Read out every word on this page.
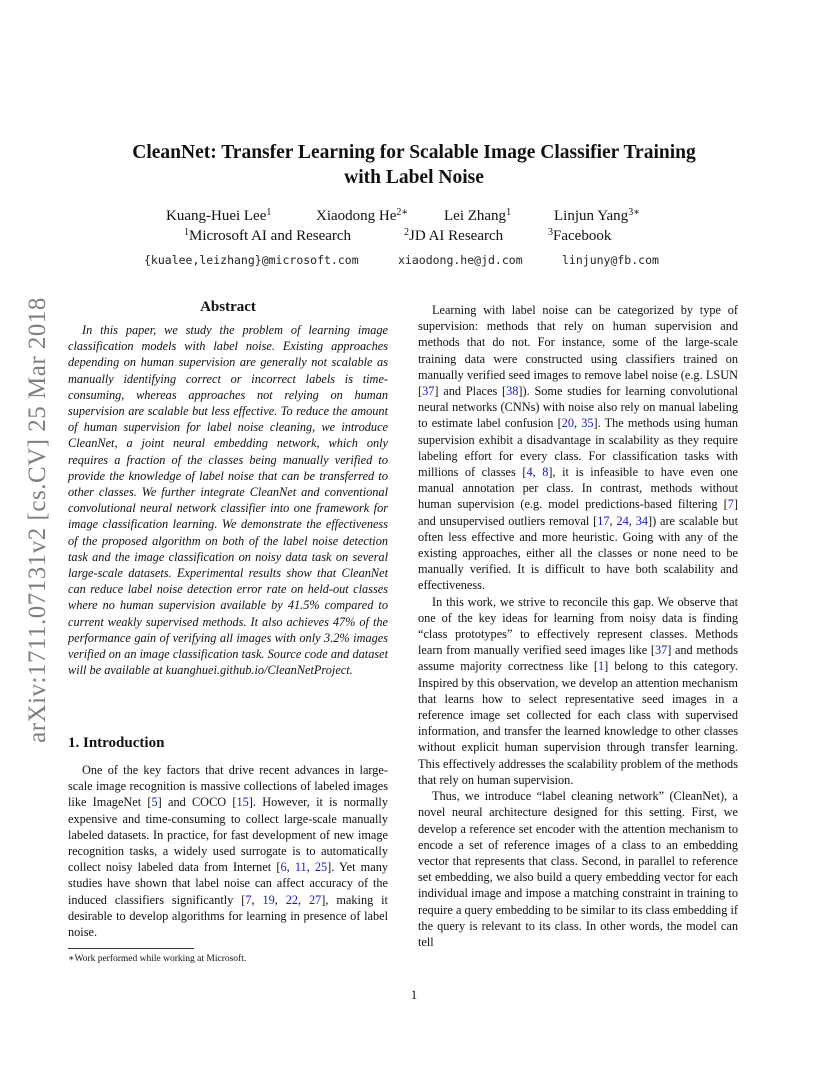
arXiv:1711.07131v2 [cs.CV] 25 Mar 2018
CleanNet: Transfer Learning for Scalable Image Classifier Training
with Label Noise
Kuang-Huei Lee$^1$	Xiaodong $He^{2∗}$ Lei Zhang$^1$	Linjun Yang$^{3∗}$
$^1$Microsoft AI and Research	$^2$JD AI Research	$^3$Facebook
{kualee,leizhang}@microsoft.com	xiaodong.he@jd.com	linjuny@fb.com
Abstract

In this paper, we study the problem of learning image classification models with label noise. Existing approaches depending on human supervision are generally not scalable as manually identifying correct or incorrect labels is time-consuming, whereas approaches not relying on human supervision are scalable but less effective. To reduce the amount of human supervision for label noise cleaning, we introduce CleanNet, a joint neural embedding network, which only requires a fraction of the classes being manually verified to provide the knowledge of label noise that can be transferred to other classes. We further integrate CleanNet and conventional convolutional neural network classifier into one framework for image classification learning. We demonstrate the effectiveness of the proposed algorithm on both of the label noise detection task and the image classification on noisy data task on several large-scale datasets. Experimental results show that CleanNet can reduce label noise detection error rate on held-out classes where no human supervision available by 41.5% compared to current weakly supervised methods. It also achieves 47% of the performance gain of verifying all images with only 3.2% images verified on an image classification task. Source code and dataset will be available at kuanghuei.github.io/CleanNetProject.

1. Introduction

One of the key factors that drive recent advances in large-scale image recognition is massive collections of labeled images like ImageNet [5] and COCO [15]. However, it is normally expensive and time-consuming to collect large-scale manually labeled datasets. In practice, for fast development of new image recognition tasks, a widely used surrogate is to automatically collect noisy labeled data from Internet [6, 11, 25]. Yet many studies have shown that label noise can affect accuracy of the induced classifiers significantly [7, 19, 22, 27], making it desirable to develop algorithms for learning in presence of label noise.

∗Work performed while working at Microsoft.

Learning with label noise can be categorized by type of supervision: methods that rely on human supervision and methods that do not. For instance, some of the large-scale training data were constructed using classifiers trained on manually verified seed images to remove label noise (e.g. LSUN [37] and Places [38]). Some studies for learning convolutional neural networks (CNNs) with noise also rely on manual labeling to estimate label confusion [20, 35]. The methods using human supervision exhibit a disadvantage in scalability as they require labeling effort for every class. For classification tasks with millions of classes [4, 8], it is infeasible to have even one manual annotation per class. In contrast, methods without human supervision (e.g. model predictions-based filtering [7] and unsupervised outliers removal [17, 24, 34]) are scalable but often less effective and more heuristic. Going with any of the existing approaches, either all the classes or none need to be manually verified. It is difficult to have both scalability and effectiveness.

In this work, we strive to reconcile this gap. We observe that one of the key ideas for learning from noisy data is finding “class prototypes” to effectively represent classes. Methods learn from manually verified seed images like [37] and methods assume majority correctness like [1] belong to this category. Inspired by this observation, we develop an attention mechanism that learns how to select representative seed images in a reference image set collected for each class with supervised information, and transfer the learned knowledge to other classes without explicit human supervision through transfer learning. This effectively addresses the scalability problem of the methods that rely on human supervision.

Thus, we introduce “label cleaning network” (CleanNet), a novel neural architecture designed for this setting. First, we develop a reference set encoder with the attention mechanism to encode a set of reference images of a class to an embedding vector that represents that class. Second, in parallel to reference set embedding, we also build a query embedding vector for each individual image and impose a matching constraint in training to require a query embedding to be similar to its class embedding if the query is relevant to its class. In other words, the model can tell

1
